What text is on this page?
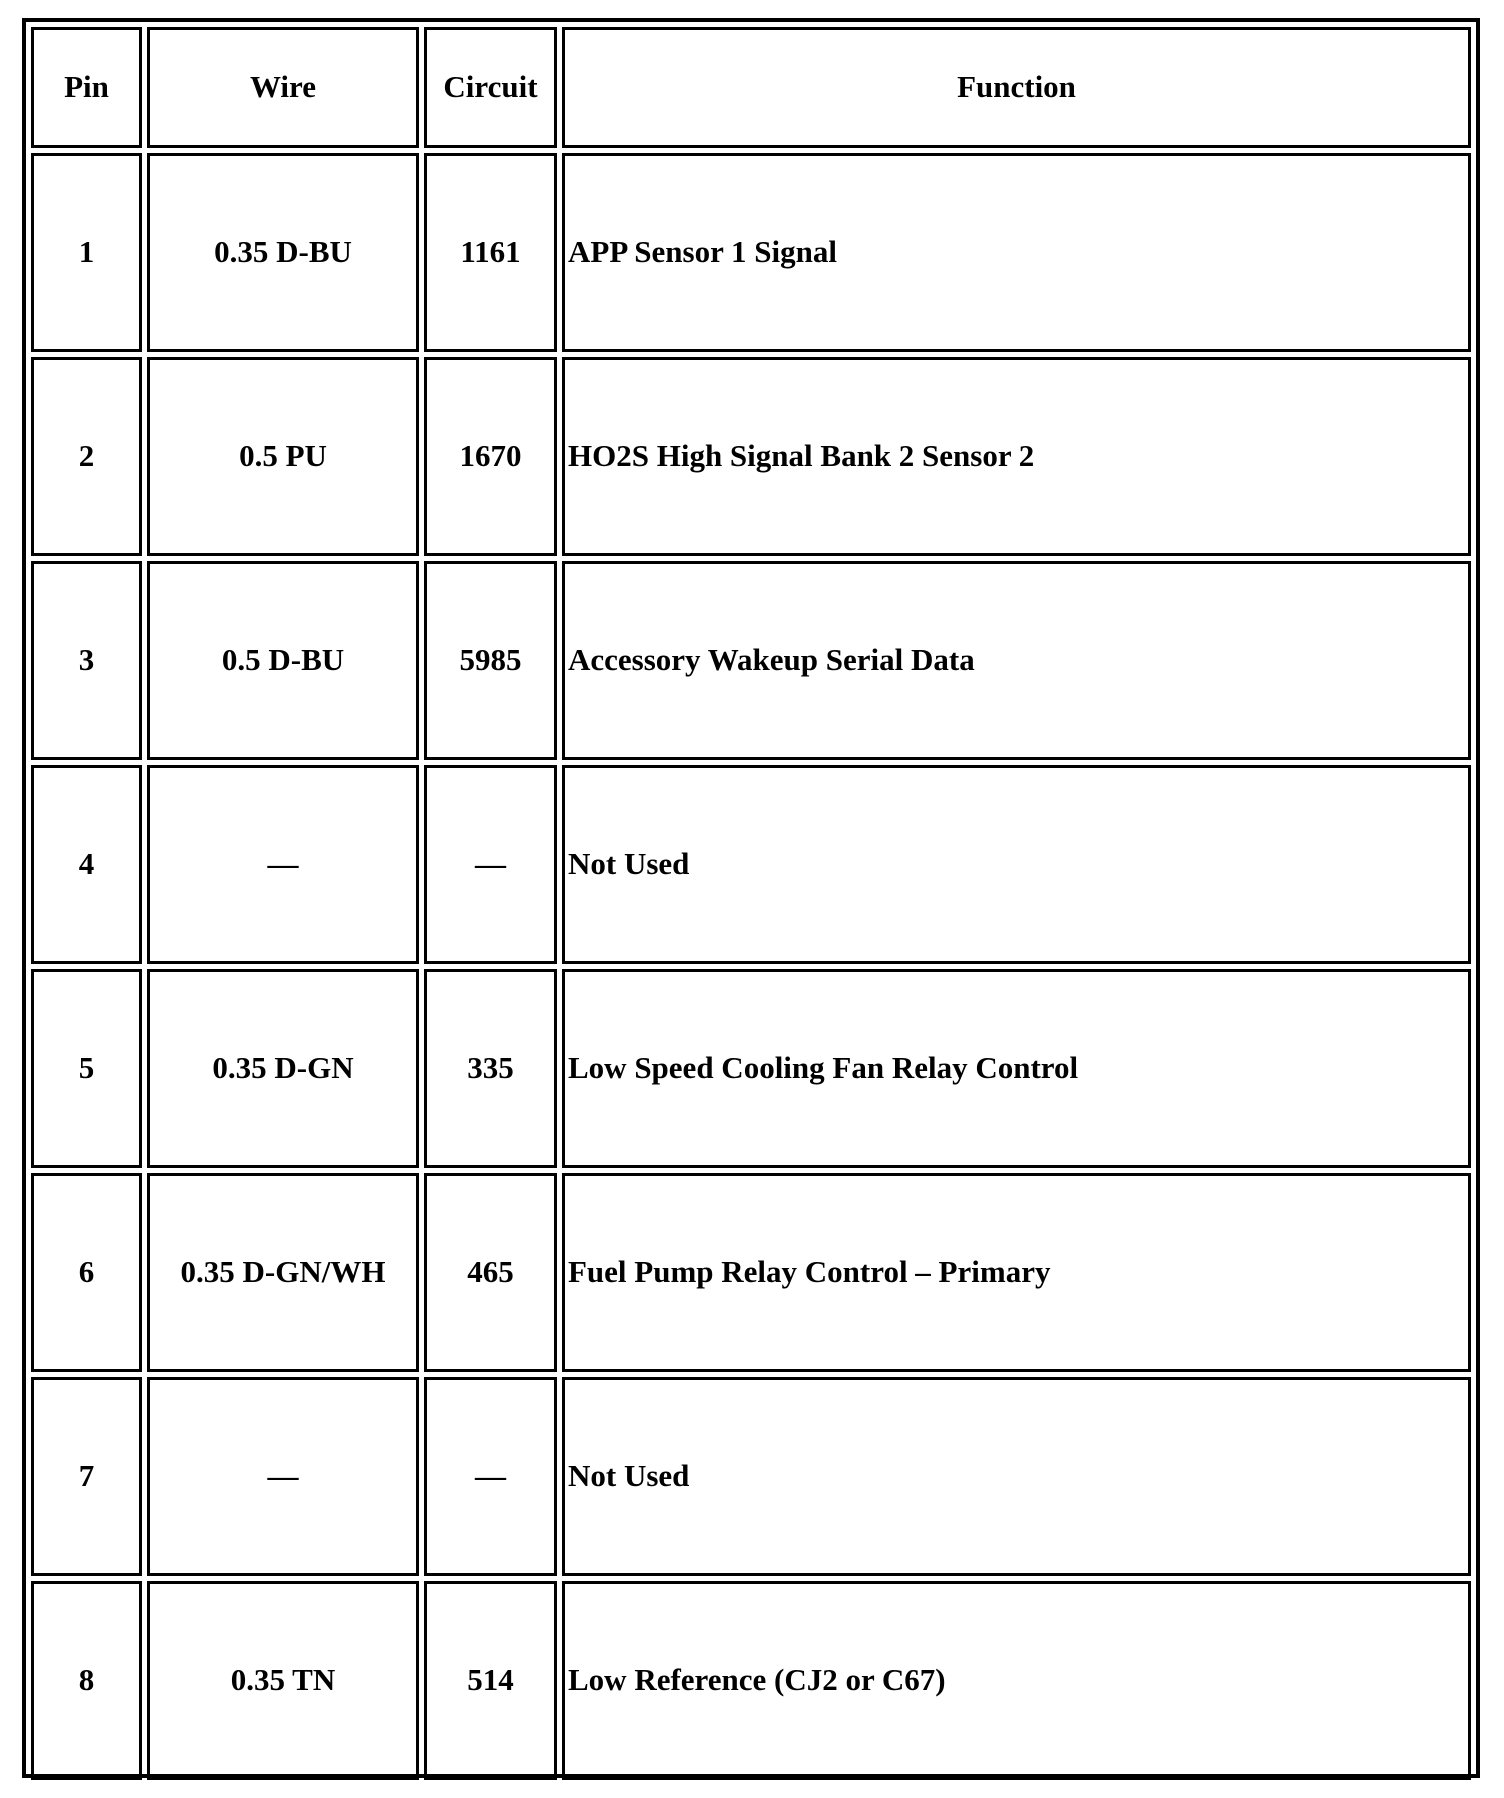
Pin	Wire	Circuit	Function
1	0.35 D-BU	1161	APP Sensor 1 Signal
2	0.5 PU	1670	HO2S High Signal Bank 2 Sensor 2
3	0.5 D-BU	5985	Accessory Wakeup Serial Data
4	—	—	Not Used
5	0.35 D-GN	335	Low Speed Cooling Fan Relay Control
6	0.35 D-GN/WH	465	Fuel Pump Relay Control – Primary
7	—	—	Not Used
8	0.35 TN	514	Low Reference (CJ2 or C67)
